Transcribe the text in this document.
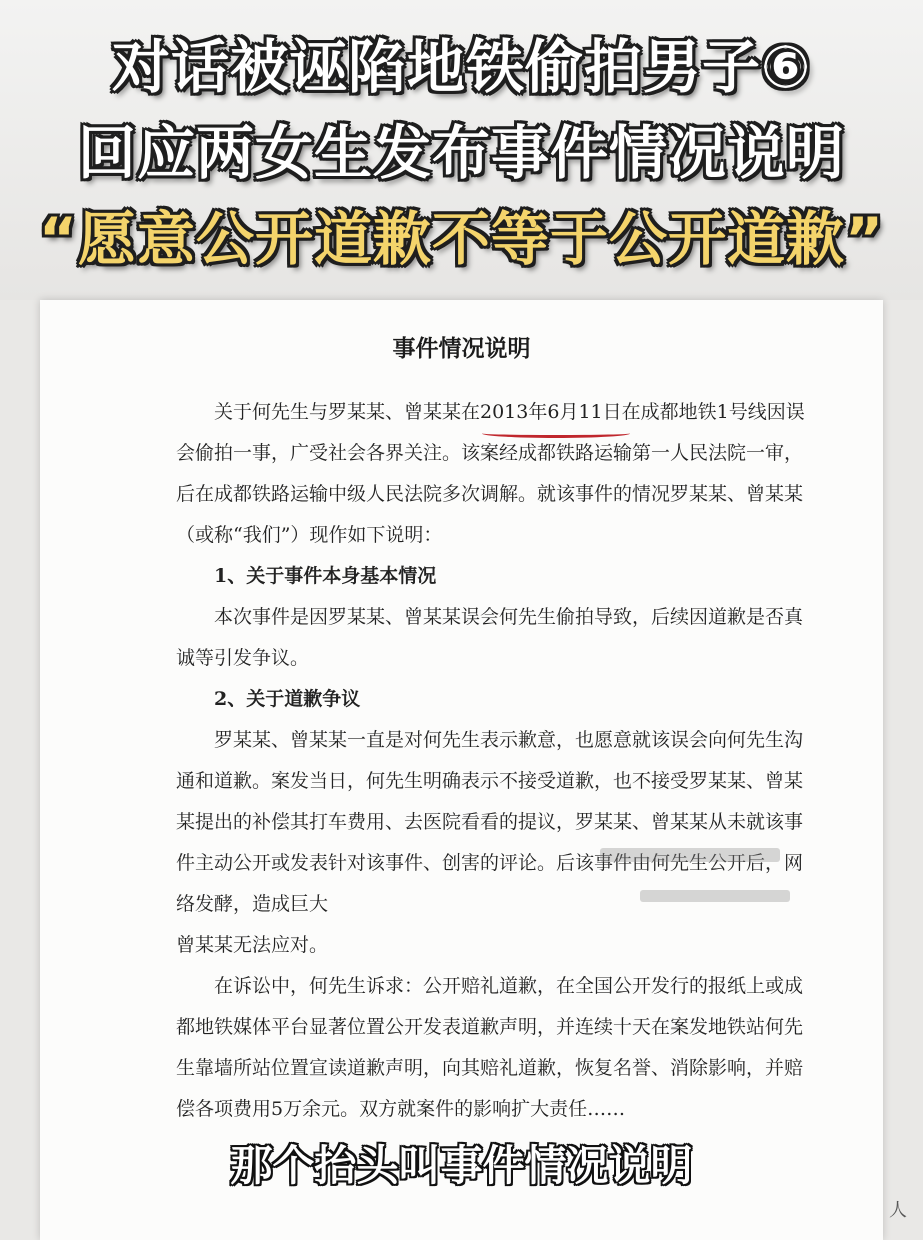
对话被诬陷地铁偷拍男子⑥
回应两女生发布事件情况说明
“愿意公开道歉不等于公开道歉”
事件情况说明

关于何先生与罗某某、曾某某在2013年6月11日在成都地铁1号线因误会偷拍一事，广受社会各界关注。该案经成都铁路运输第一人民法院一审，后在成都铁路运输中级人民法院多次调解。就该事件的情况罗某某、曾某某（或称“我们”）现作如下说明：

1、关于事件本身基本情况

本次事件是因罗某某、曾某某误会何先生偷拍导致，后续因道歉是否真诚等引发争议。

2、关于道歉争议

罗某某、曾某某一直是对何先生表示歉意，也愿意就该误会向何先生沟通和道歉。案发当日，何先生明确表示不接受道歉，也不接受罗某某、曾某某提出的补偿其打车费用、去医院看看的提议，罗某某、曾某某从未就该事件主动公开或发表针对该事件、创害的评论。后该事件由何先生公开后，网络发酵，造成巨大

曾某某无法应对。

在诉讼中，何先生诉求：公开赔礼道歉，在全国公开发行的报纸上或成都地铁媒体平台显著位置公开发表道歉声明，并连续十天在案发地铁站何先生靠墙所站位置宣读道歉声明，向其赔礼道歉，恢复名誉、消除影响，并赔偿各项费用5万余元。双方就案件的影响扩大责任……

那个抬头叫事件情况说明
人
